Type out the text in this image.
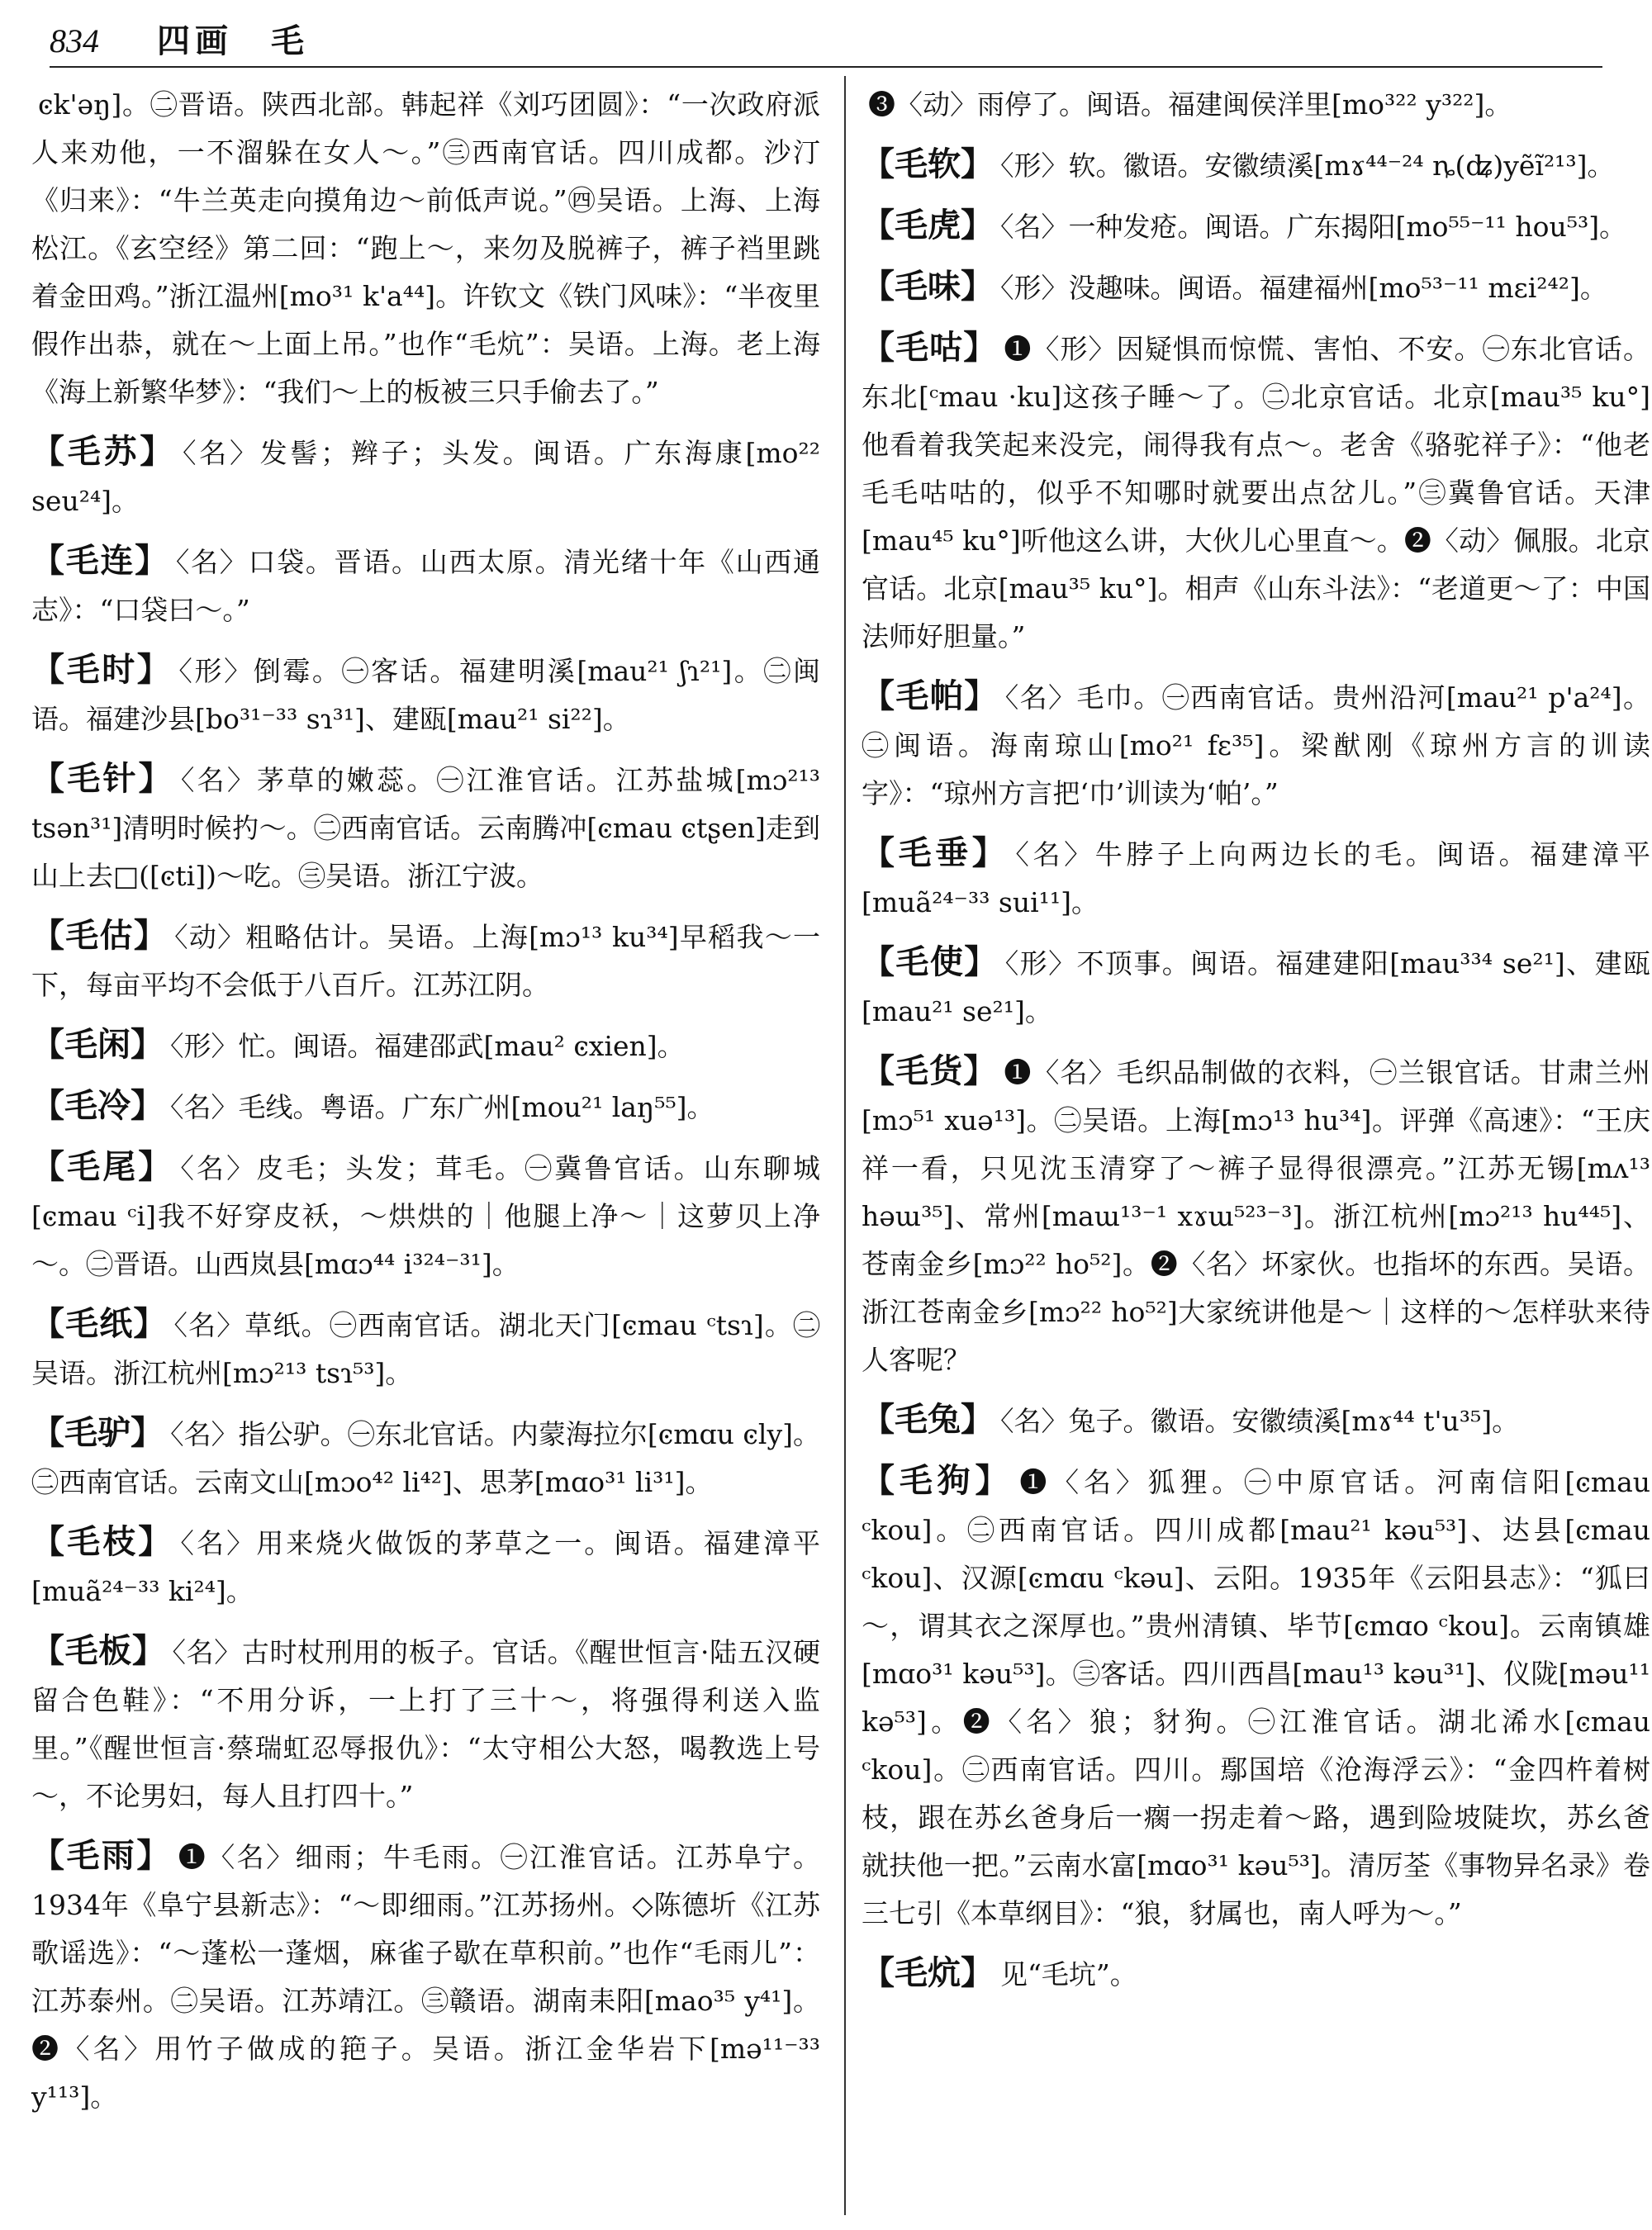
834 四画　毛
ͼk'əŋ]。㊁晋语。陕西北部。韩起祥《刘巧团圆》：“一次政府派人来劝他，一不溜躲在女人～。”㊂西南官话。四川成都。沙汀《归来》：“牛兰英走向摸角边～前低声说。”㊃吴语。上海、上海松江。《玄空经》第二回：“跑上～，来勿及脱裤子，裤子裆里跳着金田鸡。”浙江温州[mo³¹ k'a⁴⁴]。许钦文《铁门风味》：“半夜里假作出恭，就在～上面上吊。”也作“毛炕”：吴语。上海。老上海《海上新繁华梦》：“我们～上的板被三只手偷去了。”
【毛苏】 〈名〉发髻；辫子；头发。闽语。广东海康[mo²² seu²⁴]。
【毛连】 〈名〉口袋。晋语。山西太原。清光绪十年《山西通志》：“口袋曰～。”
【毛时】 〈形〉倒霉。㊀客话。福建明溪[mau²¹ ʃɿ²¹]。㊁闽语。福建沙县[bo³¹⁻³³ sɿ³¹]、建瓯[mau²¹ si²²]。
【毛针】 〈名〉茅草的嫩蕊。㊀江淮官话。江苏盐城[mɔ²¹³ tsən³¹]清明时候扚～。㊁西南官话。云南腾冲[ͼmau ͼtʂen]走到山上去□([ͼti])～吃。㊂吴语。浙江宁波。
【毛估】 〈动〉粗略估计。吴语。上海[mɔ¹³ ku³⁴]早稻我～一下，每亩平均不会低于八百斤。江苏江阴。
【毛闲】 〈形〉忙。闽语。福建邵武[mau² ͼxien]。
【毛冷】 〈名〉毛线。粤语。广东广州[mou²¹ laŋ⁵⁵]。
【毛尾】 〈名〉皮毛；头发；茸毛。㊀冀鲁官话。山东聊城[ͼmau ᶜi]我不好穿皮袄，～烘烘的｜他腿上净～｜这萝贝上净～。㊁晋语。山西岚县[mɑɔ⁴⁴ i³²⁴⁻³¹]。
【毛纸】 〈名〉草纸。㊀西南官话。湖北天门[ͼmau ᶜtsɿ]。㊁吴语。浙江杭州[mɔ²¹³ tsɿ⁵³]。
【毛驴】 〈名〉指公驴。㊀东北官话。内蒙海拉尔[ͼmɑu ͼly]。㊁西南官话。云南文山[mɔo⁴² li⁴²]、思茅[mɑo³¹ li³¹]。
【毛枝】 〈名〉用来烧火做饭的茅草之一。闽语。福建漳平[muã²⁴⁻³³ ki²⁴]。
【毛板】 〈名〉古时杖刑用的板子。官话。《醒世恒言·陆五汉硬留合色鞋》：“不用分诉，一上打了三十～，将强得利送入监里。”《醒世恒言·蔡瑞虹忍辱报仇》：“太守相公大怒，喝教选上号～，不论男妇，每人且打四十。”
【毛雨】 ❶〈名〉细雨；牛毛雨。㊀江淮官话。江苏阜宁。1934年《阜宁县新志》：“～即细雨。”江苏扬州。◇陈德圻《江苏歌谣选》：“～蓬松一蓬烟，麻雀子歇在草积前。”也作“毛雨儿”：江苏泰州。㊁吴语。江苏靖江。㊂赣语。湖南耒阳[mao³⁵ y⁴¹]。❷〈名〉用竹子做成的筢子。吴语。浙江金华岩下[mə¹¹⁻³³ y¹¹³]。
❸〈动〉雨停了。闽语。福建闽侯洋里[mo³²² y³²²]。
【毛软】 〈形〉软。徽语。安徽绩溪[mɤ⁴⁴⁻²⁴ ȵ(ʥ)yẽĩ²¹³]。
【毛虎】 〈名〉一种发疮。闽语。广东揭阳[mo⁵⁵⁻¹¹ hou⁵³]。
【毛味】 〈形〉没趣味。闽语。福建福州[mo⁵³⁻¹¹ mɛi²⁴²]。
【毛咕】 ❶〈形〉因疑惧而惊慌、害怕、不安。㊀东北官话。东北[ᶜmau ·ku]这孩子睡～了。㊁北京官话。北京[mau³⁵ ku°]他看着我笑起来没完，闹得我有点～。老舍《骆驼祥子》：“他老毛毛咕咕的，似乎不知哪时就要出点岔儿。”㊂冀鲁官话。天津[mau⁴⁵ ku°]听他这么讲，大伙儿心里直～。❷〈动〉佩服。北京官话。北京[mau³⁵ ku°]。相声《山东斗法》：“老道更～了：中国法师好胆量。”
【毛帕】 〈名〉毛巾。㊀西南官话。贵州沿河[mau²¹ p'a²⁴]。㊁闽语。海南琼山[mo²¹ fɛ³⁵]。梁猷刚《琼州方言的训读字》：“琼州方言把‘巾’训读为‘帕’。”
【毛垂】 〈名〉牛脖子上向两边长的毛。闽语。福建漳平[muã²⁴⁻³³ sui¹¹]。
【毛使】 〈形〉不顶事。闽语。福建建阳[mau³³⁴ se²¹]、建瓯[mau²¹ se²¹]。
【毛货】 ❶〈名〉毛织品制做的衣料，㊀兰银官话。甘肃兰州[mɔ⁵¹ xuə¹³]。㊁吴语。上海[mɔ¹³ hu³⁴]。评弹《高速》：“王庆祥一看，只见沈玉清穿了～裤子显得很漂亮。”江苏无锡[mʌ¹³ həɯ³⁵]、常州[maɯ¹³⁻¹ xɤɯ⁵²³⁻³]。浙江杭州[mɔ²¹³ hu⁴⁴⁵]、苍南金乡[mɔ²² ho⁵²]。❷〈名〉坏家伙。也指坏的东西。吴语。浙江苍南金乡[mɔ²² ho⁵²]大家统讲他是～｜这样的～怎样驮来待人客呢？
【毛兔】 〈名〉兔子。徽语。安徽绩溪[mɤ⁴⁴ t'u³⁵]。
【毛狗】 ❶〈名〉狐狸。㊀中原官话。河南信阳[ͼmau ᶜkou]。㊁西南官话。四川成都[mau²¹ kəu⁵³]、达县[ͼmau ᶜkou]、汉源[ͼmɑu ᶜkəu]、云阳。1935年《云阳县志》：“狐曰～，谓其衣之深厚也。”贵州清镇、毕节[ͼmɑo ᶜkou]。云南镇雄[mɑo³¹ kəu⁵³]。㊂客话。四川西昌[mau¹³ kəu³¹]、仪陇[məu¹¹ kə⁵³]。❷〈名〉狼；豺狗。㊀江淮官话。湖北浠水[ͼmau ᶜkou]。㊁西南官话。四川。鄢国培《沧海浮云》：“金四杵着树枝，跟在苏幺爸身后一瘸一拐走着～路，遇到险坡陡坎，苏幺爸就扶他一把。”云南水富[mɑo³¹ kəu⁵³]。清厉荃《事物异名录》卷三七引《本草纲目》：“狼，豺属也，南人呼为～。”
【毛炕】 见“毛坑”。
